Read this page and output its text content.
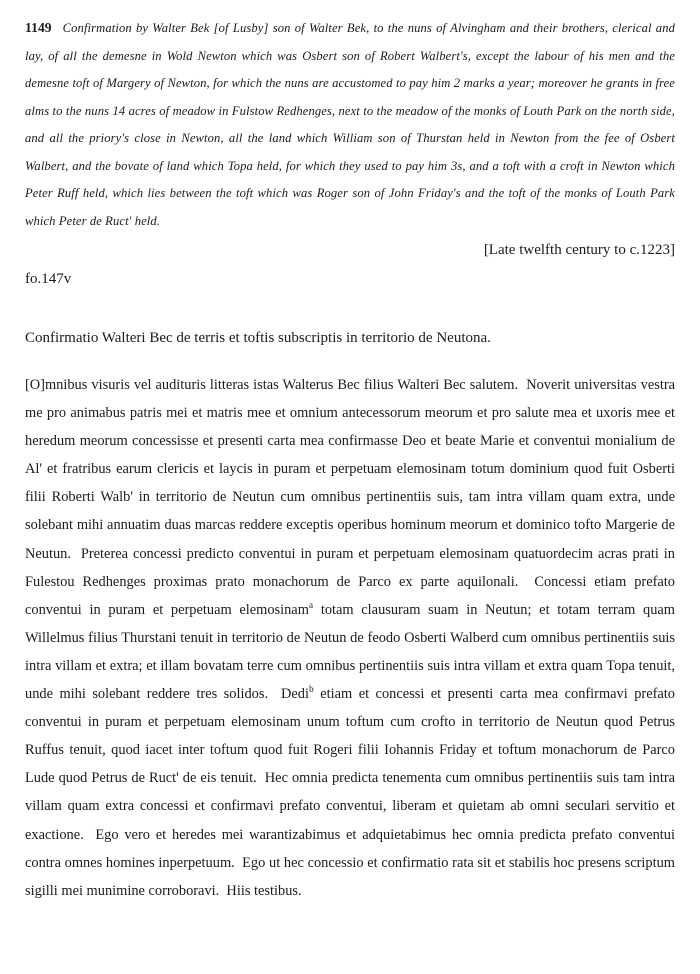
1149 Confirmation by Walter Bek [of Lusby] son of Walter Bek, to the nuns of Alvingham and their brothers, clerical and lay, of all the demesne in Wold Newton which was Osbert son of Robert Walbert's, except the labour of his men and the demesne toft of Margery of Newton, for which the nuns are accustomed to pay him 2 marks a year; moreover he grants in free alms to the nuns 14 acres of meadow in Fulstow Redhenges, next to the meadow of the monks of Louth Park on the north side, and all the priory's close in Newton, all the land which William son of Thurstan held in Newton from the fee of Osbert Walbert, and the bovate of land which Topa held, for which they used to pay him 3s, and a toft with a croft in Newton which Peter Ruff held, which lies between the toft which was Roger son of John Friday's and the toft of the monks of Louth Park which Peter de Ruct' held.

[Late twelfth century to c.1223]

fo.147v

Confirmatio Walteri Bec de terris et toftis subscriptis in territorio de Neutona.

[O]mnibus visuris vel audituris litteras istas Walterus Bec filius Walteri Bec salutem.  Noverit universitas vestra me pro animabus patris mei et matris mee et omnium antecessorum meorum et pro salute mea et uxoris mee et heredum meorum concessisse et presenti carta mea confirmasse Deo et beate Marie et conventui monialium de Al' et fratribus earum clericis et laycis in puram et perpetuam elemosinam totum dominium quod fuit Osberti filii Roberti Walb' in territorio de Neutun cum omnibus pertinentiis suis, tam intra villam quam extra, unde solebant mihi annuatim duas marcas reddere exceptis operibus hominum meorum et dominico tofto Margerie de Neutun.  Preterea concessi predicto conventui in puram et perpetuam elemosinam quatuordecim acras prati in Fulestou Redhenges proximas prato monachorum de Parco ex parte aquilonali.  Concessi etiam prefato conventui in puram et perpetuam elemosinam$^a$ totam clausuram suam in Neutun; et totam terram quam Willelmus filius Thurstani tenuit in territorio de Neutun de feodo Osberti Walberd cum omnibus pertinentiis suis intra villam et extra; et illam bovatam terre cum omnibus pertinentiis suis intra villam et extra quam Topa tenuit, unde mihi solebant reddere tres solidos.  Dedi$^b$ etiam et concessi et presenti carta mea confirmavi prefato conventui in puram et perpetuam elemosinam unum toftum cum crofto in territorio de Neutun quod Petrus Ruffus tenuit, quod iacet inter toftum quod fuit Rogeri filii Iohannis Friday et toftum monachorum de Parco Lude quod Petrus de Ruct' de eis tenuit.  Hec omnia predicta tenementa cum omnibus pertinentiis suis tam intra villam quam extra concessi et confirmavi prefato conventui, liberam et quietam ab omni seculari servitio et exactione.  Ego vero et heredes mei warantizabimus et adquietabimus hec omnia predicta prefato conventui contra omnes homines inperpetuum.  Ego ut hec concessio et confirmatio rata sit et stabilis hoc presens scriptum sigilli mei munimine corroboravi.  Hiis testibus.
